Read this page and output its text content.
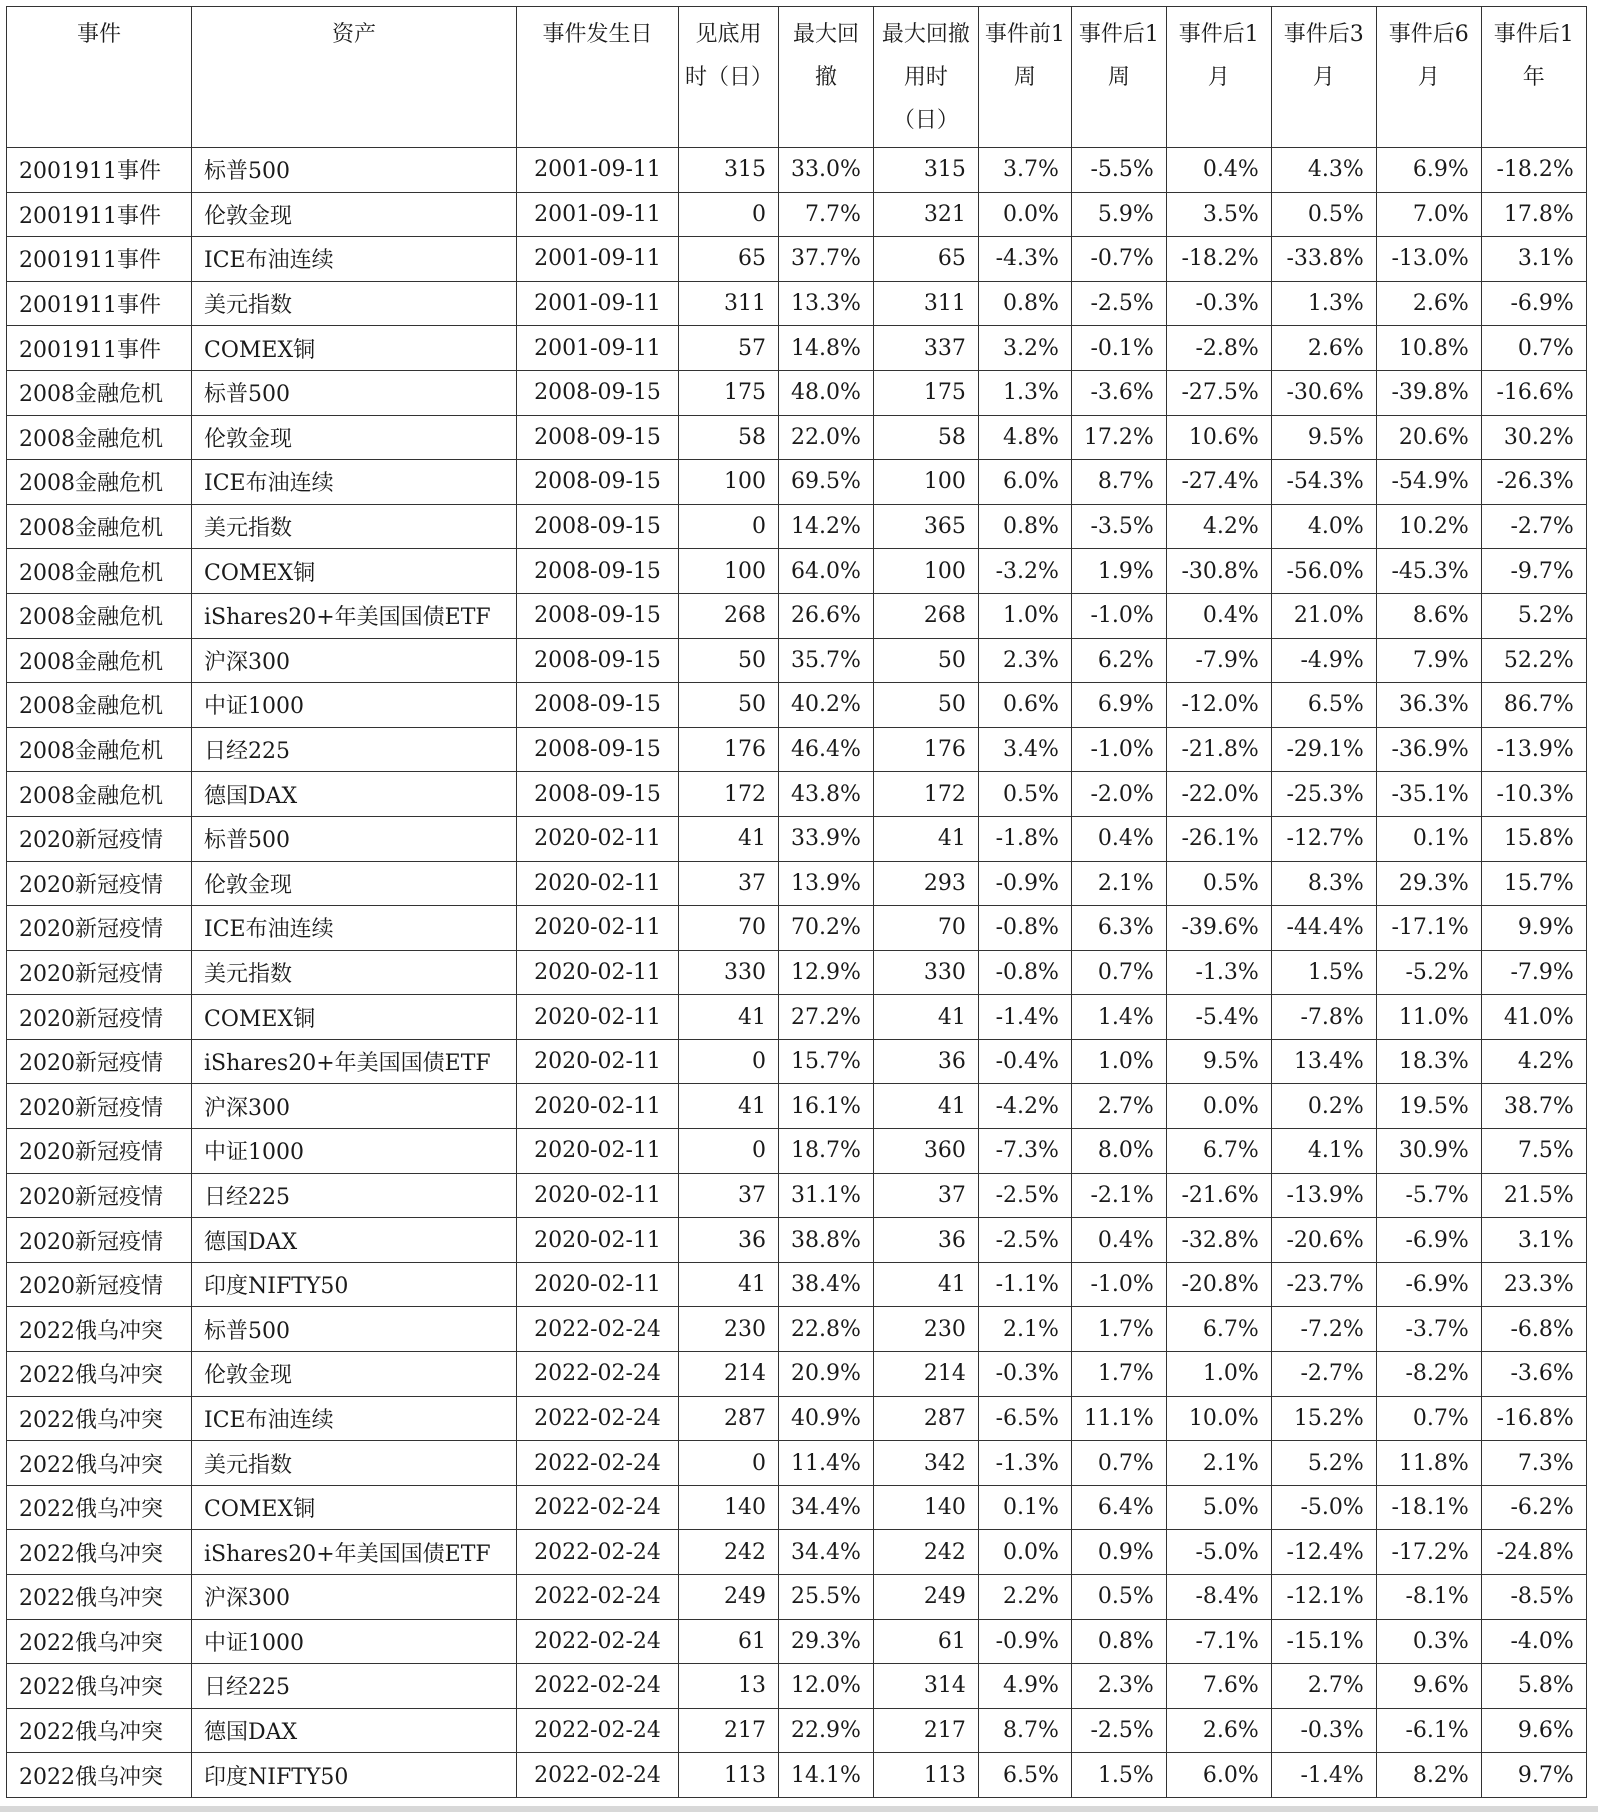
事件	资产	事件发生日	见底用时（日）	最大回撤	最大回撤用时（日）	事件前1周	事件后1周	事件后1月	事件后3月	事件后6月	事件后1年
2001911事件	标普500	2001-09-11	315	33.0%	315	3.7%	-5.5%	0.4%	4.3%	6.9%	-18.2%
2001911事件	伦敦金现	2001-09-11	0	7.7%	321	0.0%	5.9%	3.5%	0.5%	7.0%	17.8%
2001911事件	ICE布油连续	2001-09-11	65	37.7%	65	-4.3%	-0.7%	-18.2%	-33.8%	-13.0%	3.1%
2001911事件	美元指数	2001-09-11	311	13.3%	311	0.8%	-2.5%	-0.3%	1.3%	2.6%	-6.9%
2001911事件	COMEX铜	2001-09-11	57	14.8%	337	3.2%	-0.1%	-2.8%	2.6%	10.8%	0.7%
2008金融危机	标普500	2008-09-15	175	48.0%	175	1.3%	-3.6%	-27.5%	-30.6%	-39.8%	-16.6%
2008金融危机	伦敦金现	2008-09-15	58	22.0%	58	4.8%	17.2%	10.6%	9.5%	20.6%	30.2%
2008金融危机	ICE布油连续	2008-09-15	100	69.5%	100	6.0%	8.7%	-27.4%	-54.3%	-54.9%	-26.3%
2008金融危机	美元指数	2008-09-15	0	14.2%	365	0.8%	-3.5%	4.2%	4.0%	10.2%	-2.7%
2008金融危机	COMEX铜	2008-09-15	100	64.0%	100	-3.2%	1.9%	-30.8%	-56.0%	-45.3%	-9.7%
2008金融危机	iShares20+年美国国债ETF	2008-09-15	268	26.6%	268	1.0%	-1.0%	0.4%	21.0%	8.6%	5.2%
2008金融危机	沪深300	2008-09-15	50	35.7%	50	2.3%	6.2%	-7.9%	-4.9%	7.9%	52.2%
2008金融危机	中证1000	2008-09-15	50	40.2%	50	0.6%	6.9%	-12.0%	6.5%	36.3%	86.7%
2008金融危机	日经225	2008-09-15	176	46.4%	176	3.4%	-1.0%	-21.8%	-29.1%	-36.9%	-13.9%
2008金融危机	德国DAX	2008-09-15	172	43.8%	172	0.5%	-2.0%	-22.0%	-25.3%	-35.1%	-10.3%
2020新冠疫情	标普500	2020-02-11	41	33.9%	41	-1.8%	0.4%	-26.1%	-12.7%	0.1%	15.8%
2020新冠疫情	伦敦金现	2020-02-11	37	13.9%	293	-0.9%	2.1%	0.5%	8.3%	29.3%	15.7%
2020新冠疫情	ICE布油连续	2020-02-11	70	70.2%	70	-0.8%	6.3%	-39.6%	-44.4%	-17.1%	9.9%
2020新冠疫情	美元指数	2020-02-11	330	12.9%	330	-0.8%	0.7%	-1.3%	1.5%	-5.2%	-7.9%
2020新冠疫情	COMEX铜	2020-02-11	41	27.2%	41	-1.4%	1.4%	-5.4%	-7.8%	11.0%	41.0%
2020新冠疫情	iShares20+年美国国债ETF	2020-02-11	0	15.7%	36	-0.4%	1.0%	9.5%	13.4%	18.3%	4.2%
2020新冠疫情	沪深300	2020-02-11	41	16.1%	41	-4.2%	2.7%	0.0%	0.2%	19.5%	38.7%
2020新冠疫情	中证1000	2020-02-11	0	18.7%	360	-7.3%	8.0%	6.7%	4.1%	30.9%	7.5%
2020新冠疫情	日经225	2020-02-11	37	31.1%	37	-2.5%	-2.1%	-21.6%	-13.9%	-5.7%	21.5%
2020新冠疫情	德国DAX	2020-02-11	36	38.8%	36	-2.5%	0.4%	-32.8%	-20.6%	-6.9%	3.1%
2020新冠疫情	印度NIFTY50	2020-02-11	41	38.4%	41	-1.1%	-1.0%	-20.8%	-23.7%	-6.9%	23.3%
2022俄乌冲突	标普500	2022-02-24	230	22.8%	230	2.1%	1.7%	6.7%	-7.2%	-3.7%	-6.8%
2022俄乌冲突	伦敦金现	2022-02-24	214	20.9%	214	-0.3%	1.7%	1.0%	-2.7%	-8.2%	-3.6%
2022俄乌冲突	ICE布油连续	2022-02-24	287	40.9%	287	-6.5%	11.1%	10.0%	15.2%	0.7%	-16.8%
2022俄乌冲突	美元指数	2022-02-24	0	11.4%	342	-1.3%	0.7%	2.1%	5.2%	11.8%	7.3%
2022俄乌冲突	COMEX铜	2022-02-24	140	34.4%	140	0.1%	6.4%	5.0%	-5.0%	-18.1%	-6.2%
2022俄乌冲突	iShares20+年美国国债ETF	2022-02-24	242	34.4%	242	0.0%	0.9%	-5.0%	-12.4%	-17.2%	-24.8%
2022俄乌冲突	沪深300	2022-02-24	249	25.5%	249	2.2%	0.5%	-8.4%	-12.1%	-8.1%	-8.5%
2022俄乌冲突	中证1000	2022-02-24	61	29.3%	61	-0.9%	0.8%	-7.1%	-15.1%	0.3%	-4.0%
2022俄乌冲突	日经225	2022-02-24	13	12.0%	314	4.9%	2.3%	7.6%	2.7%	9.6%	5.8%
2022俄乌冲突	德国DAX	2022-02-24	217	22.9%	217	8.7%	-2.5%	2.6%	-0.3%	-6.1%	9.6%
2022俄乌冲突	印度NIFTY50	2022-02-24	113	14.1%	113	6.5%	1.5%	6.0%	-1.4%	8.2%	9.7%
